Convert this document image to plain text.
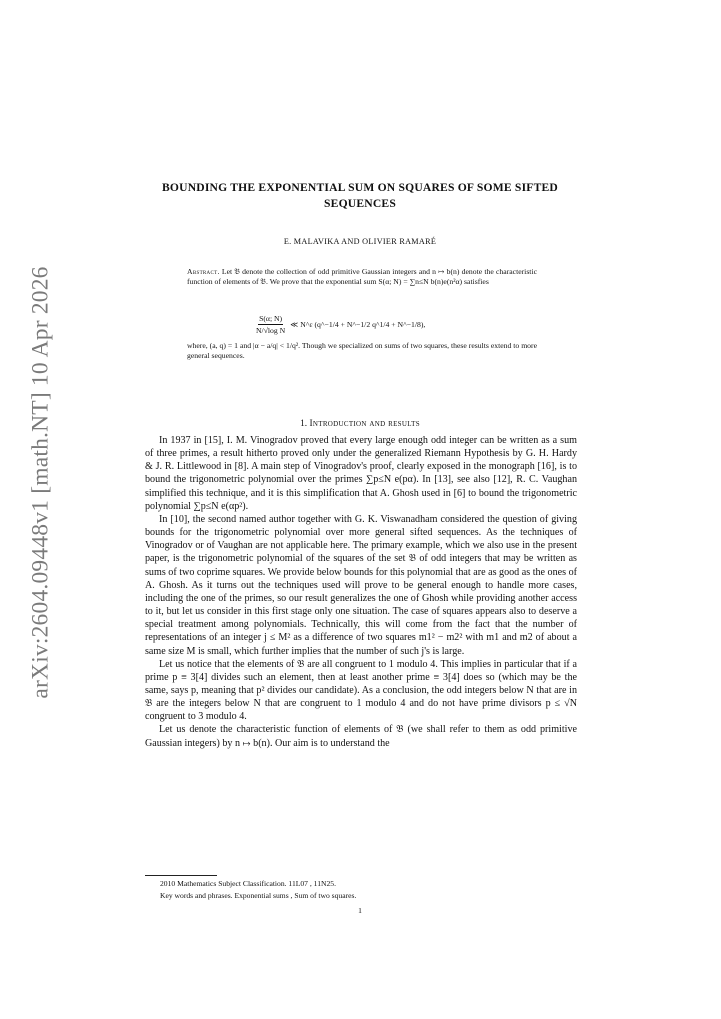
arXiv:2604.09448v1 [math.NT] 10 Apr 2026
BOUNDING THE EXPONENTIAL SUM ON SQUARES OF SOME SIFTED SEQUENCES
E. MALAVIKA AND OLIVIER RAMARÉ

Abstract. Let 𝔅 denote the collection of odd primitive Gaussian integers and n ↦ b(n) denote the characteristic function of elements of 𝔅. We prove that the exponential sum S(α; N) = ∑n≤N b(n)e(n²α) satisfies

$\frac{S(\alpha; N)}{\text{N/√log N}}$ ≪ N^ε (q^−1/4 + N^−1/2 q^1/4 + N^−1/8),

where, (a, q) = 1 and |α − a/q| < 1/q². Though we specialized on sums of two squares, these results extend to more general sequences.

1. Introduction and results

In 1937 in [15], I. M. Vinogradov proved that every large enough odd integer can be written as a sum of three primes, a result hitherto proved only under the generalized Riemann Hypothesis by G. H. Hardy & J. R. Littlewood in [8]. A main step of Vinogradov's proof, clearly exposed in the monograph [16], is to bound the trigonometric polynomial over the primes ∑p≤N e(pα). In [13], see also [12], R. C. Vaughan simplified this technique, and it is this simplification that A. Ghosh used in [6] to bound the trigonometric polynomial ∑p≤N e(αp²).

In [10], the second named author together with G. K. Viswanadham considered the question of giving bounds for the trigonometric polynomial over more general sifted sequences. As the techniques of Vinogradov or of Vaughan are not applicable here. The primary example, which we also use in the present paper, is the trigonometric polynomial of the squares of the set 𝔅 of odd integers that may be written as sums of two coprime squares. We provide below bounds for this polynomial that are as good as the ones of A. Ghosh. As it turns out the techniques used will prove to be general enough to handle more cases, including the one of the primes, so our result generalizes the one of Ghosh while providing another access to it, but let us consider in this first stage only one situation. The case of squares appears also to deserve a special treatment among polynomials. Technically, this will come from the fact that the number of representations of an integer j ≤ M² as a difference of two squares m1² − m2² with m1 and m2 of about a same size M is small, which further implies that the number of such j's is large.

Let us notice that the elements of 𝔅 are all congruent to 1 modulo 4. This implies in particular that if a prime p ≡ 3[4] divides such an element, then at least another prime ≡ 3[4] does so (which may be the same, says p, meaning that p² divides our candidate). As a conclusion, the odd integers below N that are in 𝔅 are the integers below N that are congruent to 1 modulo 4 and do not have prime divisors p ≤ √N congruent to 3 modulo 4.

Let us denote the characteristic function of elements of 𝔅 (we shall refer to them as odd primitive Gaussian integers) by n ↦ b(n). Our aim is to understand the

2010 Mathematics Subject Classification. 11L07 , 11N25.
Key words and phrases. Exponential sums , Sum of two squares.
1
